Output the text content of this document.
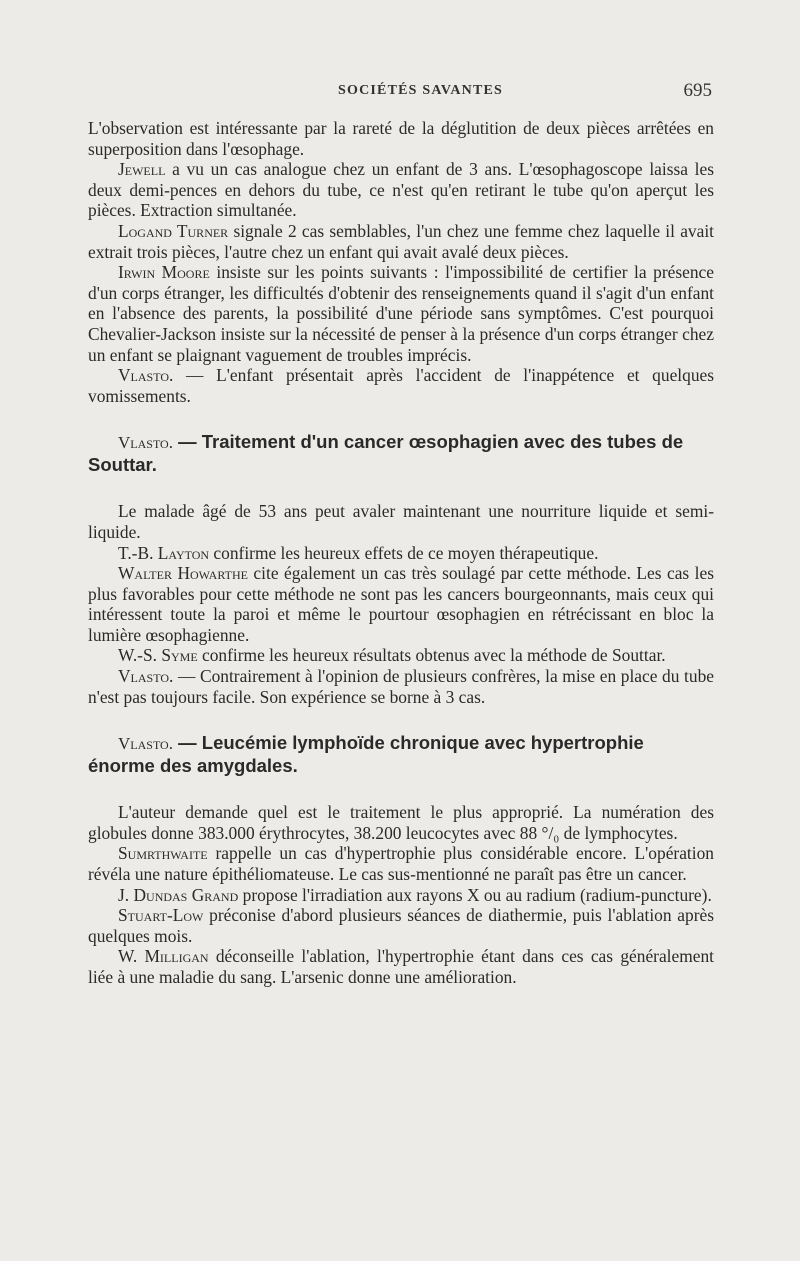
SOCIÉTÉS SAVANTES	695

L'observation est intéressante par la rareté de la déglutition de deux pièces arrêtées en superposition dans l'œsophage.

Jewell a vu un cas analogue chez un enfant de 3 ans. L'œsophagoscope laissa les deux demi-pences en dehors du tube, ce n'est qu'en retirant le tube qu'on aperçut les pièces. Extraction simultanée.

Logand Turner signale 2 cas semblables, l'un chez une femme chez laquelle il avait extrait trois pièces, l'autre chez un enfant qui avait avalé deux pièces.

Irwin Moore insiste sur les points suivants : l'impossibilité de certifier la présence d'un corps étranger, les difficultés d'obtenir des renseignements quand il s'agit d'un enfant en l'absence des parents, la possibilité d'une période sans symptômes. C'est pourquoi Chevalier-Jackson insiste sur la nécessité de penser à la présence d'un corps étranger chez un enfant se plaignant vaguement de troubles imprécis.

Vlasto. — L'enfant présentait après l'accident de l'inappétence et quelques vomissements.

Vlasto. — Traitement d'un cancer œsophagien avec des tubes de Souttar.

Le malade âgé de 53 ans peut avaler maintenant une nourriture liquide et semi-liquide.

T.-B. Layton confirme les heureux effets de ce moyen thérapeutique.

Walter Howarthe cite également un cas très soulagé par cette méthode. Les cas les plus favorables pour cette méthode ne sont pas les cancers bourgeonnants, mais ceux qui intéressent toute la paroi et même le pourtour œsophagien en rétrécissant en bloc la lumière œsophagienne.

W.-S. Syme confirme les heureux résultats obtenus avec la méthode de Souttar.

Vlasto. — Contrairement à l'opinion de plusieurs confrères, la mise en place du tube n'est pas toujours facile. Son expérience se borne à 3 cas.

Vlasto. — Leucémie lymphoïde chronique avec hypertrophie énorme des amygdales.

L'auteur demande quel est le traitement le plus approprié. La numération des globules donne 383.000 érythrocytes, 38.200 leucocytes avec 88 °/₀ de lymphocytes.

Sumrthwaite rappelle un cas d'hypertrophie plus considérable encore. L'opération révéla une nature épithéliomateuse. Le cas sus-mentionné ne paraît pas être un cancer.

J. Dundas Grand propose l'irradiation aux rayons X ou au radium (radium-puncture).

Stuart-Low préconise d'abord plusieurs séances de diathermie, puis l'ablation après quelques mois.

W. Milligan déconseille l'ablation, l'hypertrophie étant dans ces cas généralement liée à une maladie du sang. L'arsenic donne une amélioration.
